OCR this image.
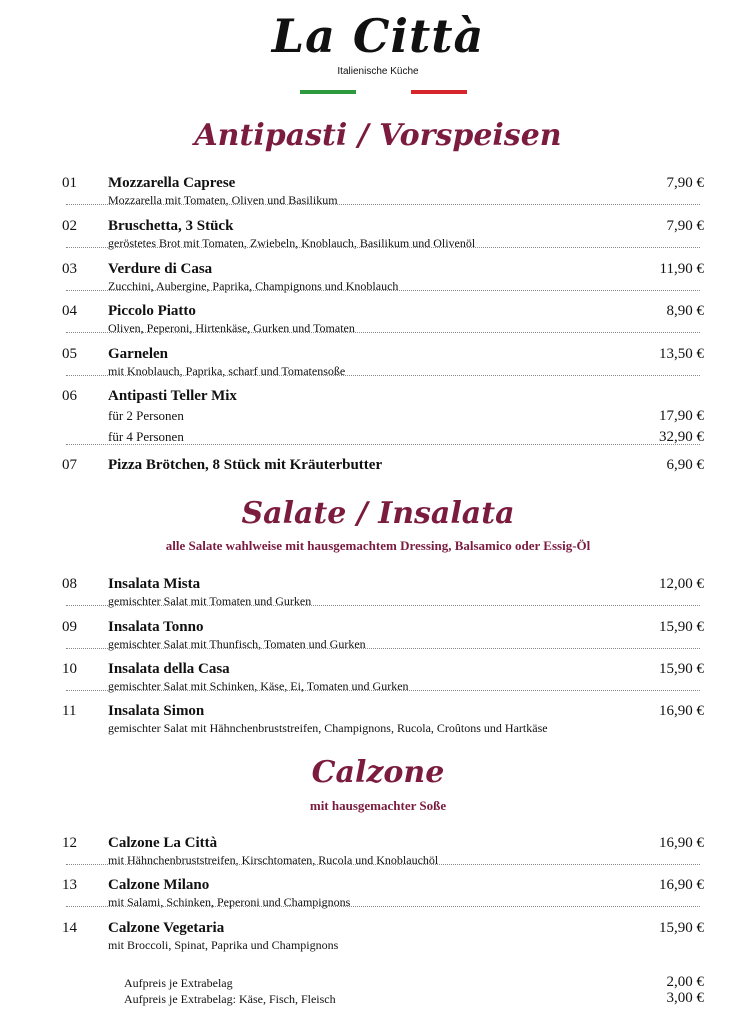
La Città
Italienische Küche
Antipasti / Vorspeisen
01 Mozzarella Caprese	7,90 €
Mozzarella mit Tomaten, Oliven und Basilikum
02 Bruschetta, 3 Stück	7,90 €
geröstetes Brot mit Tomaten, Zwiebeln, Knoblauch, Basilikum und Olivenöl
03 Verdure di Casa	11,90 €
Zucchini, Aubergine, Paprika, Champignons und Knoblauch
04 Piccolo Piatto	8,90 €
Oliven, Peperoni, Hirtenkäse, Gurken und Tomaten
05 Garnelen	13,50 €
mit Knoblauch, Paprika, scharf und Tomatensoße
06 Antipasti Teller Mix
für 2 Personen	17,90 €
für 4 Personen	32,90 €
07 Pizza Brötchen, 8 Stück mit Kräuterbutter	6,90 €
Salate / Insalata
alle Salate wahlweise mit hausgemachtem Dressing, Balsamico oder Essig-Öl
08 Insalata Mista	12,00 €
gemischter Salat mit Tomaten und Gurken
09 Insalata Tonno	15,90 €
gemischter Salat mit Thunfisch, Tomaten und Gurken
10 Insalata della Casa	15,90 €
gemischter Salat mit Schinken, Käse, Ei, Tomaten und Gurken
11 Insalata Simon	16,90 €
gemischter Salat mit Hähnchenbruststreifen, Champignons, Rucola, Croûtons und Hartkäse
Calzone
mit hausgemachter Soße
12 Calzone La Città	16,90 €
mit Hähnchenbruststreifen, Kirschtomaten, Rucola und Knoblauchöl
13 Calzone Milano	16,90 €
mit Salami, Schinken, Peperoni und Champignons
14 Calzone Vegetaria	15,90 €
mit Broccoli, Spinat, Paprika und Champignons
Aufpreis je Extrabelag	2,00 €
Aufpreis je Extrabelag: Käse, Fisch, Fleisch	3,00 €
